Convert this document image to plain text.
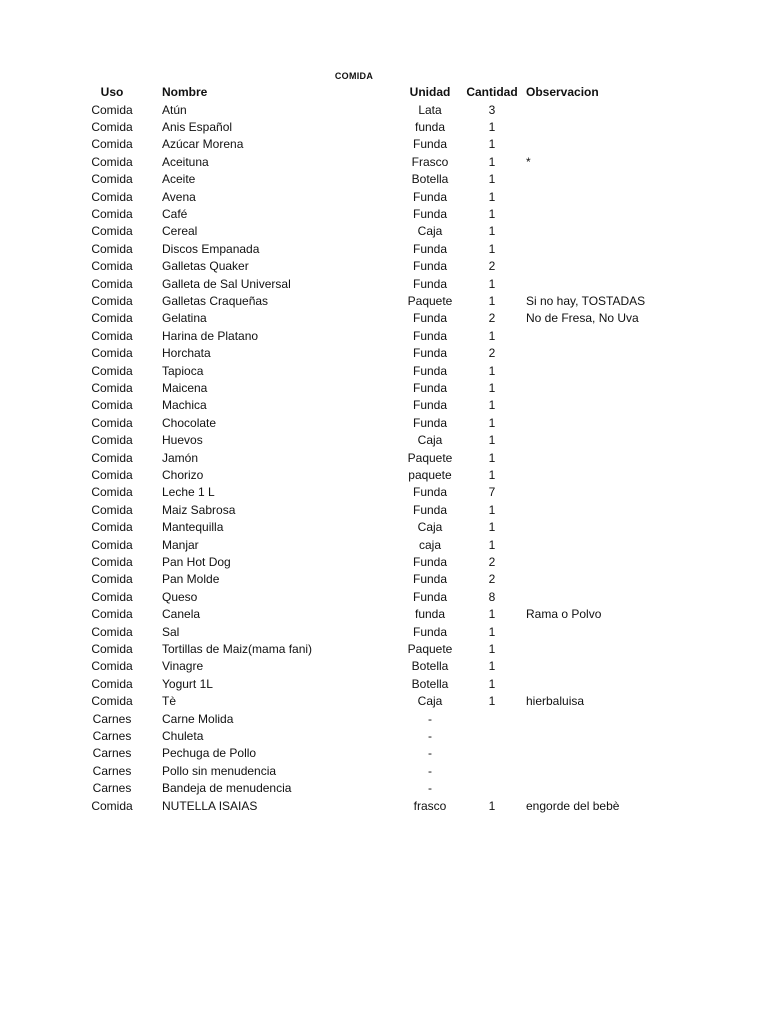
COMIDA
Uso	Nombre	Unidad	Cantidad Observacion
Comida	Atún	Lata	3
Comida	Anis Español	funda	1
Comida	Azúcar Morena	Funda	1
Comida	Aceituna	Frasco	1	*
Comida	Aceite	Botella	1
Comida	Avena	Funda	1
Comida	Café	Funda	1
Comida	Cereal	Caja	1
Comida	Discos Empanada	Funda	1
Comida	Galletas Quaker	Funda	2
Comida	Galleta de Sal Universal	Funda	1
Comida	Galletas Craqueñas	Paquete	1	Si no hay, TOSTADAS
Comida	Gelatina	Funda	2	No de Fresa, No Uva
Comida	Harina de Platano	Funda	1
Comida	Horchata	Funda	2
Comida	Tapioca	Funda	1
Comida	Maicena	Funda	1
Comida	Machica	Funda	1
Comida	Chocolate	Funda	1
Comida	Huevos	Caja	1
Comida	Jamón	Paquete	1
Comida	Chorizo	paquete	1
Comida	Leche 1 L	Funda	7
Comida	Maiz Sabrosa	Funda	1
Comida	Mantequilla	Caja	1
Comida	Manjar	caja	1
Comida	Pan Hot Dog	Funda	2
Comida	Pan Molde	Funda	2
Comida	Queso	Funda	8
Comida	Canela	funda	1	Rama o Polvo
Comida	Sal	Funda	1
Comida	Tortillas de Maiz(mama fani)	Paquete	1
Comida	Vinagre	Botella	1
Comida	Yogurt 1L	Botella	1
Comida	Tè	Caja	1	hierbaluisa
Carnes	Carne Molida	-
Carnes	Chuleta	-
Carnes	Pechuga de Pollo	-
Carnes	Pollo sin menudencia	-
Carnes	Bandeja de menudencia	-
Comida	NUTELLA ISAIAS	frasco	1	engorde del bebè
